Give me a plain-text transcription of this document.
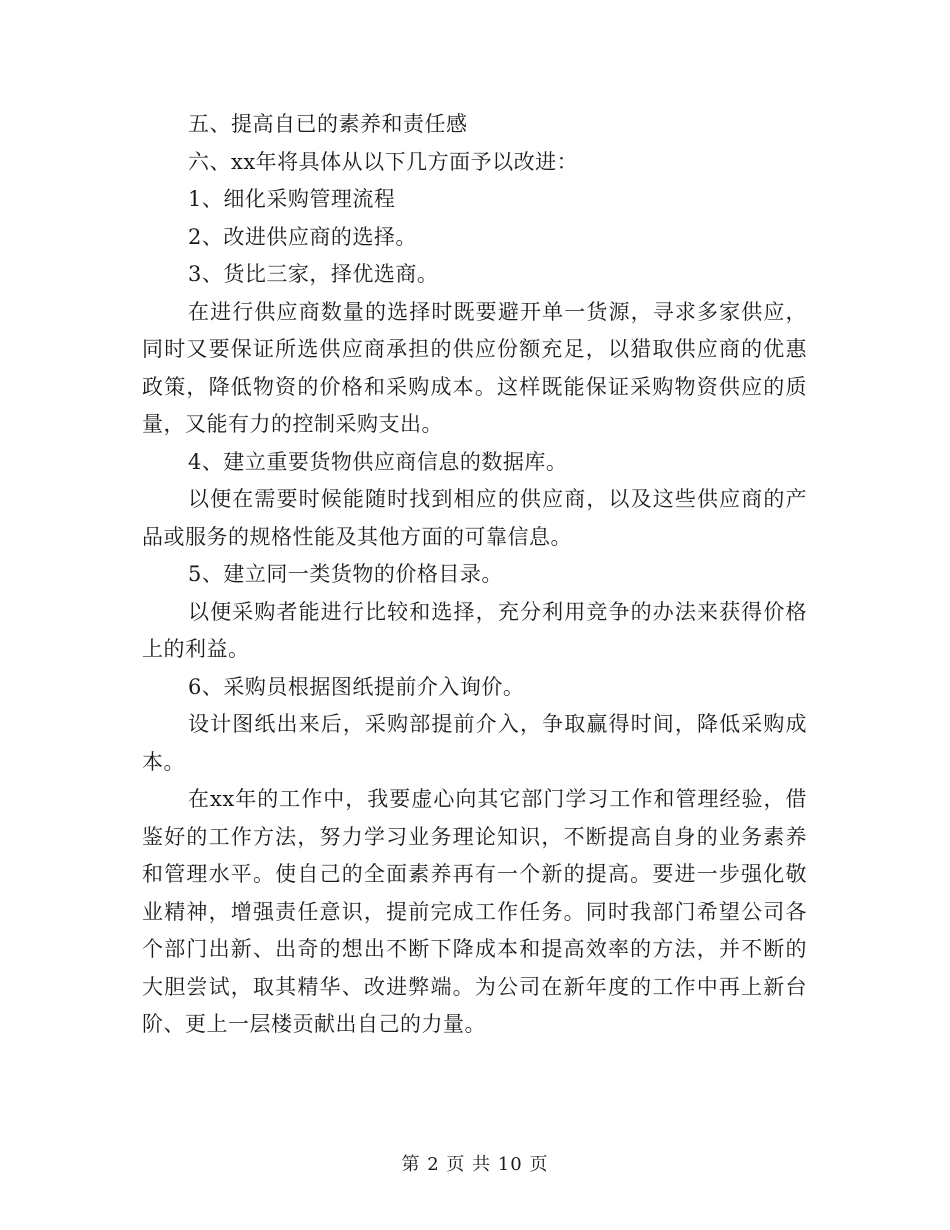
五、提高自已的素养和责任感

六、xx年将具体从以下几方面予以改进：

1、细化采购管理流程

2、改进供应商的选择。

3、货比三家，择优选商。

在进行供应商数量的选择时既要避开单一货源，寻求多家供应，同时又要保证所选供应商承担的供应份额充足，以猎取供应商的优惠政策，降低物资的价格和采购成本。这样既能保证采购物资供应的质量，又能有力的控制采购支出。

4、建立重要货物供应商信息的数据库。

以便在需要时候能随时找到相应的供应商，以及这些供应商的产品或服务的规格性能及其他方面的可靠信息。

5、建立同一类货物的价格目录。

以便采购者能进行比较和选择，充分利用竞争的办法来获得价格上的利益。

6、采购员根据图纸提前介入询价。

设计图纸出来后，采购部提前介入，争取赢得时间，降低采购成本。

在xx年的工作中，我要虚心向其它部门学习工作和管理经验，借鉴好的工作方法，努力学习业务理论知识，不断提高自身的业务素养和管理水平。使自己的全面素养再有一个新的提高。要进一步强化敬业精神，增强责任意识，提前完成工作任务。同时我部门希望公司各个部门出新、出奇的想出不断下降成本和提高效率的方法，并不断的大胆尝试，取其精华、改进弊端。为公司在新年度的工作中再上新台阶、更上一层楼贡献出自己的力量。

第 2 页 共 10 页
